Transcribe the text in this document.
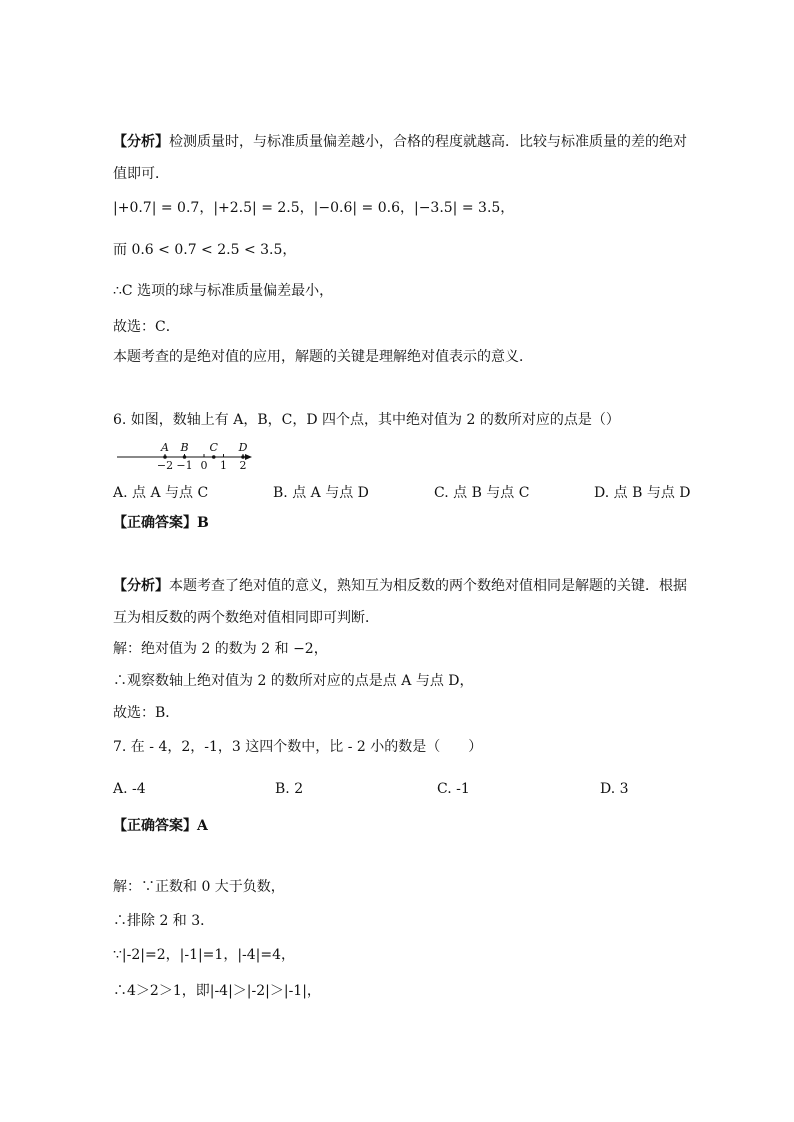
【分析】检测质量时，与标准质量偏差越小，合格的程度就越高．比较与标准质量的差的绝对
值即可．
|+0.7| = 0.7，|+2.5| = 2.5，|−0.6| = 0.6，|−3.5| = 3.5，
而 0.6 < 0.7 < 2.5 < 3.5，
∴C 选项的球与标准质量偏差最小，
故选：C．
本题考查的是绝对值的应用，解题的关键是理解绝对值表示的意义．
6. 如图，数轴上有 A，B，C，D 四个点，其中绝对值为 2 的数所对应的点是（）
−2 −1 0 1 2
A B C D
A. 点 A 与点 C	B. 点 A 与点 D	C. 点 B 与点 C	D. 点 B 与点 D
【正确答案】B
【分析】本题考查了绝对值的意义，熟知互为相反数的两个数绝对值相同是解题的关键．根据
互为相反数的两个数绝对值相同即可判断．
解：绝对值为 2 的数为 2 和 −2，
∴观察数轴上绝对值为 2 的数所对应的点是点 A 与点 D，
故选：B．
7. 在 - 4，2，-1，3 这四个数中，比 - 2 小的数是（　　）
A. -4	B. 2	C. -1	D. 3
【正确答案】A
解：∵正数和 0 大于负数，
∴排除 2 和 3．
∵|-2|=2，|-1|=1，|-4|=4，
∴4＞2＞1，即|-4|＞|-2|＞|-1|，
